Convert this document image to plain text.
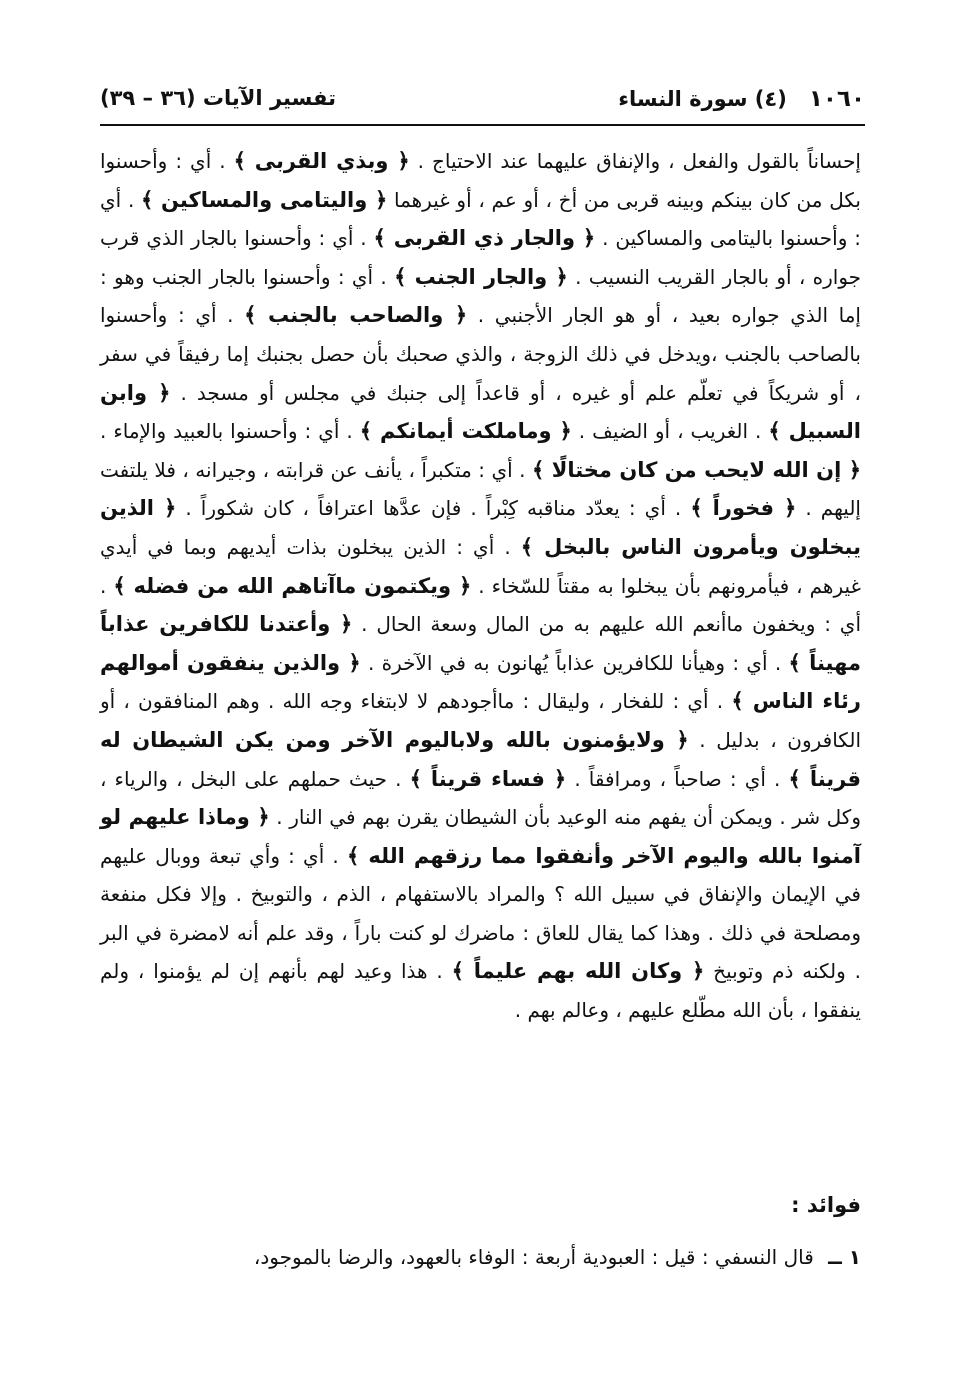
١٠٦٠
(٤) سورة النساء
تفسير الآيات (٣٦ – ٣٩)

إحساناً بالقول والفعل ، والإنفاق عليهما عند الاحتياج . ﴿ وبذي القربى ﴾ . أي : وأحسنوا بكل من كان بينكم وبينه قربى من أخ ، أو عم ، أو غيرهما ﴿ واليتامى والمساكين ﴾ . أي : وأحسنوا باليتامى والمساكين . ﴿ والجار ذي القربى ﴾ . أي : وأحسنوا بالجار الذي قرب جواره ، أو بالجار القريب النسيب . ﴿ والجار الجنب ﴾ . أي : وأحسنوا بالجار الجنب وهو : إما الذي جواره بعيد ، أو هو الجار الأجنبي . ﴿ والصاحب بالجنب ﴾ . أي : وأحسنوا بالصاحب بالجنب ،ويدخل في ذلك الزوجة ، والذي صحبك بأن حصل بجنبك إما رفيقاً في سفر ، أو شريكاً في تعلّم علم أو غيره ، أو قاعداً إلى جنبك في مجلس أو مسجد . ﴿ وابن السبيل ﴾ . الغريب ، أو الضيف . ﴿ وماملكت أيمانكم ﴾ . أي : وأحسنوا بالعبيد والإماء . ﴿ إن الله لايحب من كان مختالًا ﴾ . أي : متكبراً ، يأنف عن قرابته ، وجيرانه ، فلا يلتفت إليهم . ﴿ فخوراً ﴾ . أي : يعدّد مناقبه كِبْراً . فإن عدَّها اعترافاً ، كان شكوراً . ﴿ الذين يبخلون ويأمرون الناس بالبخل ﴾ . أي : الذين يبخلون بذات أيديهم وبما في أيدي غيرهم ، فيأمرونهم بأن يبخلوا به مقتاً للسّخاء . ﴿ ويكتمون ماآتاهم الله من فضله ﴾ . أي : ويخفون ماأنعم الله عليهم به من المال وسعة الحال . ﴿ وأعتدنا للكافرين عذاباً مهيناً ﴾ . أي : وهيأنا للكافرين عذاباً يُهانون به في الآخرة . ﴿ والذين ينفقون أموالهم رئاء الناس ﴾ . أي : للفخار ، وليقال : ماأجودهم لا لابتغاء وجه الله . وهم المنافقون ، أو الكافرون ، بدليل . ﴿ ولايؤمنون بالله ولاباليوم الآخر ومن يكن الشيطان له قريناً ﴾ . أي : صاحباً ، ومرافقاً . ﴿ فساء قريناً ﴾ . حيث حملهم على البخل ، والرياء ، وكل شر . ويمكن أن يفهم منه الوعيد بأن الشيطان يقرن بهم في النار . ﴿ وماذا عليهم لو آمنوا بالله واليوم الآخر وأنفقوا مما رزقهم الله ﴾ . أي : وأي تبعة ووبال عليهم في الإيمان والإنفاق في سبيل الله ؟ والمراد بالاستفهام ، الذم ، والتوبيخ . وإلا فكل منفعة ومصلحة في ذلك . وهذا كما يقال للعاق : ماضرك لو كنت باراً ، وقد علم أنه لامضرة في البر . ولكنه ذم وتوبيخ ﴿ وكان الله بهم عليماً ﴾ . هذا وعيد لهم بأنهم إن لم يؤمنوا ، ولم ينفقوا ، بأن الله مطّلع عليهم ، وعالم بهم .

فوائد :
١ ــ قال النسفي : قيل : العبودية أربعة : الوفاء بالعهود، والرضا بالموجود،
